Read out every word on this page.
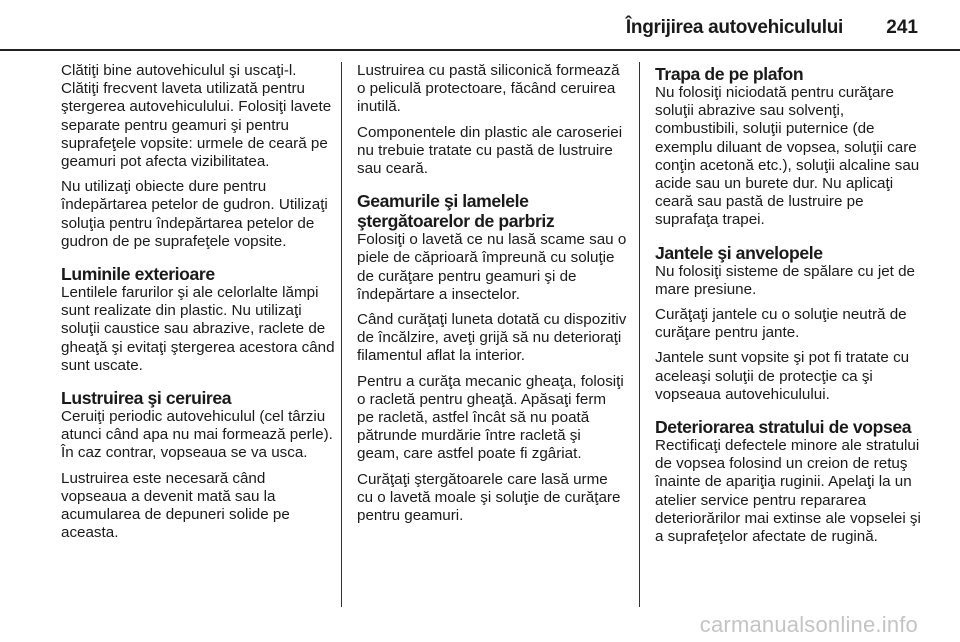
Îngrijirea autovehiculului 241

Clătiţi bine autovehiculul şi uscaţi-l. Clătiţi frecvent laveta utilizată pentru ştergerea autovehiculului. Folosiţi lavete separate pentru geamuri şi pentru suprafeţele vopsite: urmele de ceară pe geamuri pot afecta vizibilitatea.

Nu utilizaţi obiecte dure pentru îndepărtarea petelor de gudron. Utilizaţi soluţia pentru îndepărtarea petelor de gudron de pe suprafeţele vopsite.

Luminile exterioare

Lentilele farurilor şi ale celorlalte lămpi sunt realizate din plastic. Nu utilizaţi soluţii caustice sau abrazive, raclete de gheaţă şi evitaţi ştergerea acestora când sunt uscate.

Lustruirea şi ceruirea

Ceruiţi periodic autovehiculul (cel târziu atunci când apa nu mai formează perle). În caz contrar, vopseaua se va usca.

Lustruirea este necesară când vopseaua a devenit mată sau la acumularea de depuneri solide pe aceasta.

Lustruirea cu pastă siliconică formează o peliculă protectoare, făcând ceruirea inutilă.

Componentele din plastic ale caroseriei nu trebuie tratate cu pastă de lustruire sau ceară.

Geamurile şi lamelele ştergătoarelor de parbriz

Folosiţi o lavetă ce nu lasă scame sau o piele de căprioară împreună cu soluţie de curăţare pentru geamuri şi de îndepărtare a insectelor.

Când curăţaţi luneta dotată cu dispozitiv de încălzire, aveţi grijă să nu deterioraţi filamentul aflat la interior.

Pentru a curăţa mecanic gheaţa, folosiţi o racletă pentru gheaţă. Apăsaţi ferm pe racletă, astfel încât să nu poată pătrunde murdărie între racletă şi geam, care astfel poate fi zgâriat.

Curăţaţi ştergătoarele care lasă urme cu o lavetă moale şi soluţie de curăţare pentru geamuri.

Trapa de pe plafon

Nu folosiţi niciodată pentru curăţare soluţii abrazive sau solvenţi, combustibili, soluţii puternice (de exemplu diluant de vopsea, soluţii care conţin acetonă etc.), soluţii alcaline sau acide sau un burete dur. Nu aplicaţi ceară sau pastă de lustruire pe suprafaţa trapei.

Jantele şi anvelopele

Nu folosiţi sisteme de spălare cu jet de mare presiune.

Curăţaţi jantele cu o soluţie neutră de curăţare pentru jante.

Jantele sunt vopsite şi pot fi tratate cu aceleaşi soluţii de protecţie ca şi vopseaua autovehiculului.

Deteriorarea stratului de vopsea

Rectificaţi defectele minore ale stratului de vopsea folosind un creion de retuş înainte de apariţia ruginii. Apelaţi la un atelier service pentru repararea deteriorărilor mai extinse ale vopselei şi a suprafeţelor afectate de rugină.

carmanualsonline.info
